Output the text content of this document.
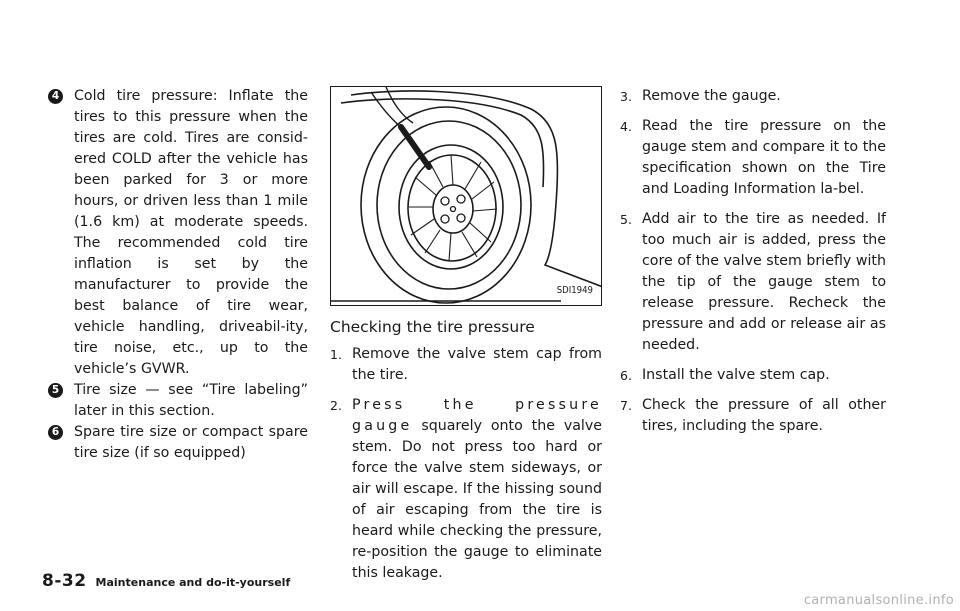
4 Cold tire pressure: Inflate the tires to this pressure when the tires are cold. Tires are consid-ered COLD after the vehicle has been parked for 3 or more hours, or driven less than 1 mile (1.6 km) at moderate speeds. The recommended cold tire inflation is set by the manufacturer to provide the best balance of tire wear, vehicle handling, driveabil-ity, tire noise, etc., up to the vehicle’s GVWR.
5 Tire size — see “Tire labeling” later in this section.
6 Spare tire size or compact spare tire size (if so equipped)
SDI1949
Checking the tire pressure
1. Remove the valve stem cap from the tire.
2. Press the pressure gauge squarely onto the valve stem. Do not press too hard or force the valve stem sideways, or air will escape. If the hissing sound of air escaping from the tire is heard while checking the pressure, re-position the gauge to eliminate this leakage.
3. Remove the gauge.
4. Read the tire pressure on the gauge stem and compare it to the specification shown on the Tire and Loading Information la-bel.
5. Add air to the tire as needed. If too much air is added, press the core of the valve stem briefly with the tip of the gauge stem to release pressure. Recheck the pressure and add or release air as needed.
6. Install the valve stem cap.
7. Check the pressure of all other tires, including the spare.
8-32 Maintenance and do-it-yourself
carmanualsonline.info
